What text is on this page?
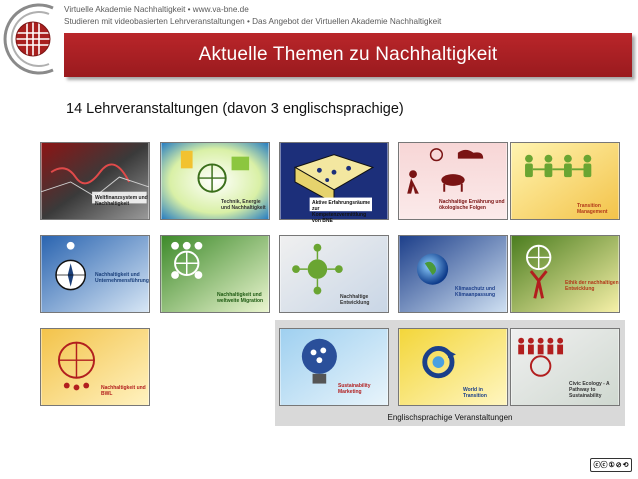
Virtuelle Akademie Nachhaltigkeit • www.va-bne.de
Studieren mit videobasierten Lehrveranstaltungen • Das Angebot der Virtuellen Akademie Nachhaltigkeit
Aktuelle Themen zu Nachhaltigkeit
14 Lehrveranstaltungen (davon 3 englischsprachige)
Englischsprachige Veranstaltungen
Weltfinanzsystem und Nachhaltigkeit	Technik, Energie und Nachhaltigkeit
Aktive Erfahrungsräume zur Kompetenzvermittlung von BNE
Nachhaltige Ernährung und ökologische Folgen	Transition Management
Nachhaltigkeit und Unternehmensführung
Nachhaltigkeit und weltweite Migration
Nachhaltige Entwicklung
Klimaschutz und Klimaanpassung
Ethik der nachhaltigen Entwicklung
Nachhaltigkeit und BWL
Sustainability Marketing	World in Transition
Civic Ecology - A Pathway to Sustainability
ⓒⓒ ① ⊘ ⟲
